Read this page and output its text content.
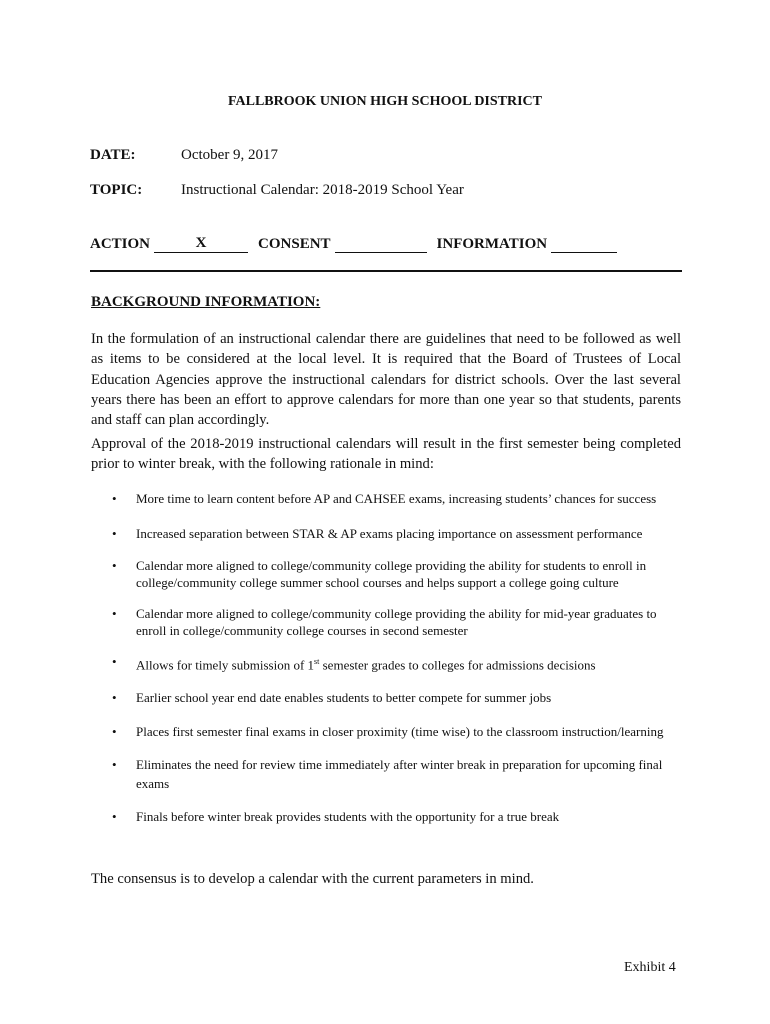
FALLBROOK UNION HIGH SCHOOL DISTRICT
DATE:	October 9, 2017
TOPIC:	Instructional Calendar: 2018-2019 School Year
ACTION	X	CONSENT	INFORMATION
BACKGROUND INFORMATION:
In the formulation of an instructional calendar there are guidelines that need to be followed as well as items to be considered at the local level. It is required that the Board of Trustees of Local Education Agencies approve the instructional calendars for district schools. Over the last several years there has been an effort to approve calendars for more than one year so that students, parents and staff can plan accordingly.
Approval of the 2018-2019 instructional calendars will result in the first semester being completed prior to winter break, with the following rationale in mind:
• More time to learn content before AP and CAHSEE exams, increasing students’ chances for success
• Increased separation between STAR & AP exams placing importance on assessment performance
• Calendar more aligned to college/community college providing the ability for students to enroll in college/community college summer school courses and helps support a college going culture
• Calendar more aligned to college/community college providing the ability for mid-year graduates to enroll in college/community college courses in second semester
• Allows for timely submission of 1st semester grades to colleges for admissions decisions
• Earlier school year end date enables students to better compete for summer jobs
• Places first semester final exams in closer proximity (time wise) to the classroom instruction/learning
• Eliminates the need for review time immediately after winter break in preparation for upcoming final exams
• Finals before winter break provides students with the opportunity for a true break
The consensus is to develop a calendar with the current parameters in mind.
Exhibit 4
